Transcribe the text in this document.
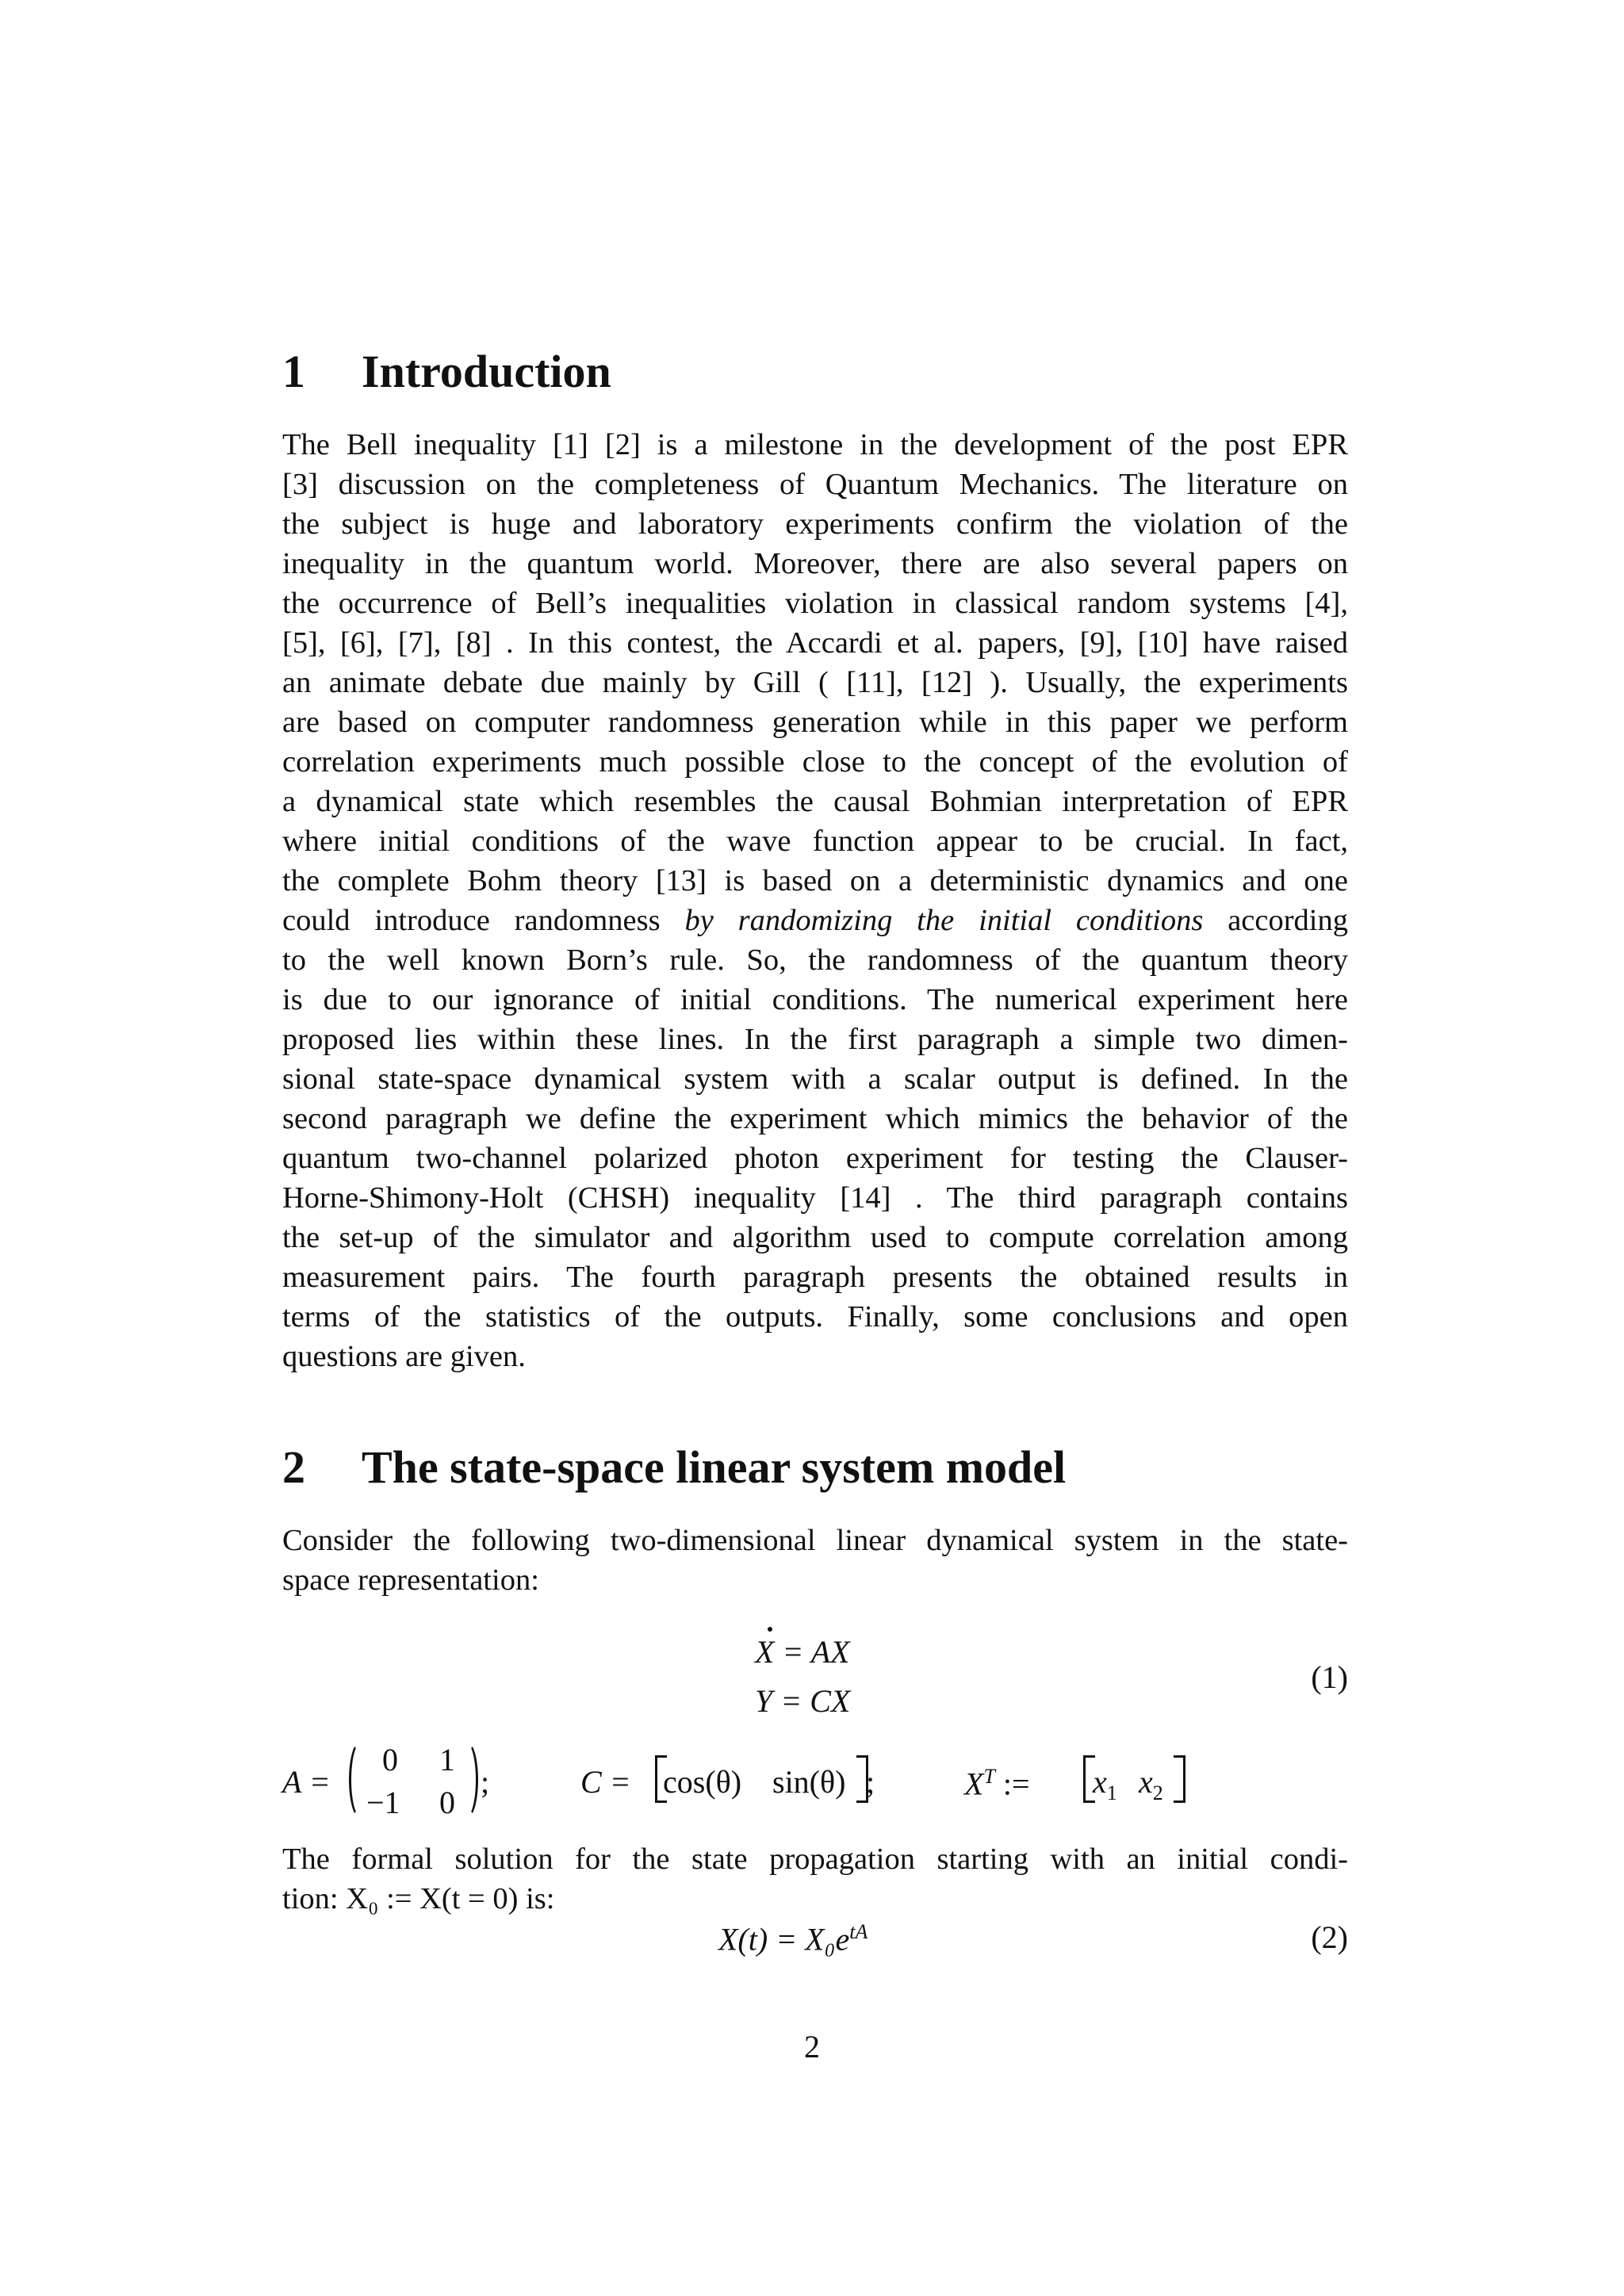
1 Introduction
The Bell inequality [1] [2] is a milestone in the development of the post EPR
[3] discussion on the completeness of Quantum Mechanics. The literature on
the subject is huge and laboratory experiments confirm the violation of the
inequality in the quantum world. Moreover, there are also several papers on
the occurrence of Bell’s inequalities violation in classical random systems [4],
[5], [6], [7], [8] . In this contest, the Accardi et al. papers, [9], [10] have raised
an animate debate due mainly by Gill ( [11], [12] ). Usually, the experiments
are based on computer randomness generation while in this paper we perform
correlation experiments much possible close to the concept of the evolution of
a dynamical state which resembles the causal Bohmian interpretation of EPR
where initial conditions of the wave function appear to be crucial. In fact,
the complete Bohm theory [13] is based on a deterministic dynamics and one
could introduce randomness by randomizing the initial conditions according
to the well known Born’s rule. So, the randomness of the quantum theory
is due to our ignorance of initial conditions. The numerical experiment here
proposed lies within these lines. In the first paragraph a simple two dimen-
sional state-space dynamical system with a scalar output is defined. In the
second paragraph we define the experiment which mimics the behavior of the
quantum two-channel polarized photon experiment for testing the Clauser-
Horne-Shimony-Holt (CHSH) inequality [14] . The third paragraph contains
the set-up of the simulator and algorithm used to compute correlation among
measurement pairs. The fourth paragraph presents the obtained results in
terms of the statistics of the outputs. Finally, some conclusions and open
questions are given.
2 The state-space linear system model
Consider the following two-dimensional linear dynamical system in the state-
space representation:
X = AX
Y = CX
(1)
A =
0 1
−1 0
;	C = cos(θ) sin(θ) ;	$X^T$ := $x_1$ $x_2$
The formal solution for the state propagation starting with an initial condi-
tion: X₀ := X(t = 0) is:
$X(t) = X_0e^{tA}$	(2)
2
